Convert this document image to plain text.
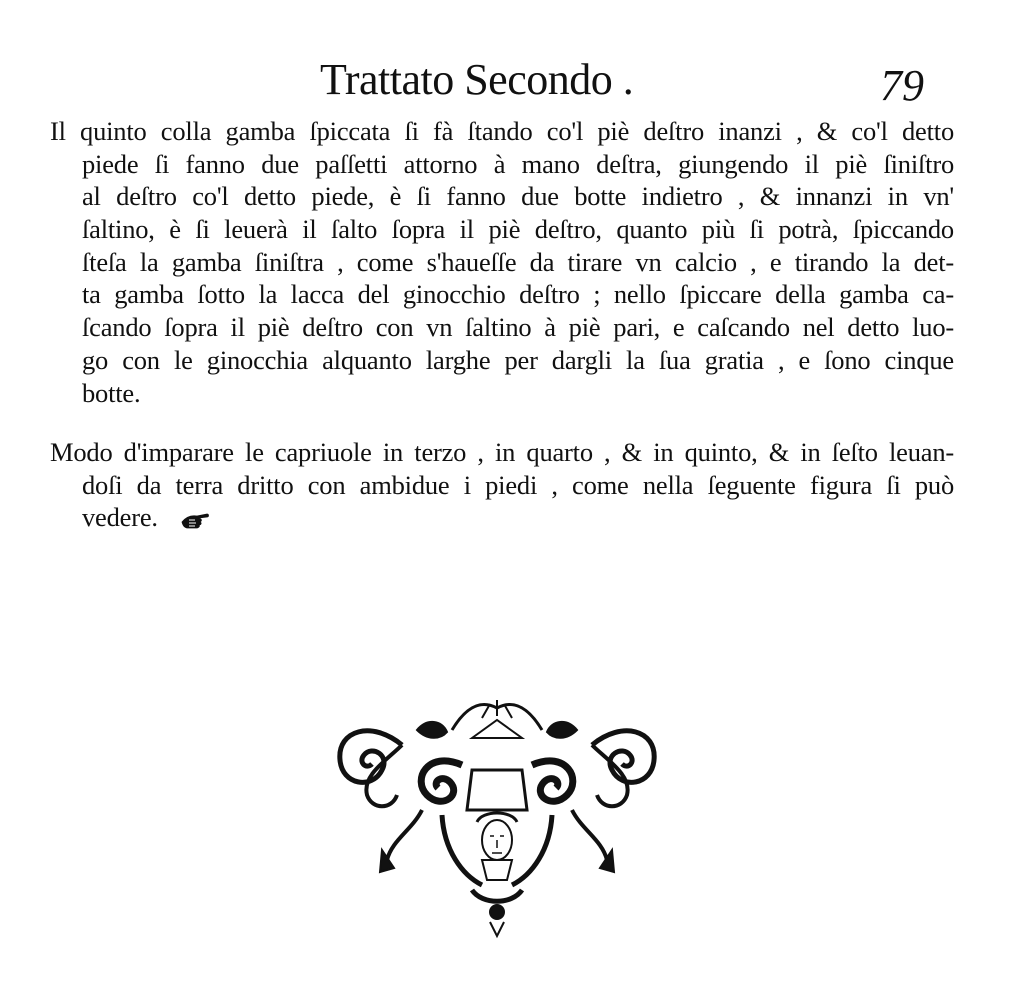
Trattato Secondo .	79
Il quinto colla gamba ſpiccata ſi fà ſtando co'l piè deſtro inanzi , & co'l detto
piede ſi fanno due paſſetti attorno à mano deſtra, giungendo il piè ſiniſtro
al deſtro co'l detto piede, è ſi fanno due botte indietro , & innanzi in vn'
ſaltino, è ſi leuerà il ſalto ſopra il piè deſtro, quanto più ſi potrà, ſpiccando
ſteſa la gamba ſiniſtra , come s'haueſſe da tirare vn calcio , e tirando la det-
ta gamba ſotto la lacca del ginocchio deſtro ; nello ſpiccare della gamba ca-
ſcando ſopra il piè deſtro con vn ſaltino à piè pari, e caſcando nel detto luo-
go con le ginocchia alquanto larghe per dargli la ſua gratia , e ſono cinque
botte.
Modo d'imparare le capriuole in terzo , in quarto , & in quinto, & in ſeſto leuan-
doſi da terra dritto con ambidue i piedi , come nella ſeguente figura ſi può
vedere.
